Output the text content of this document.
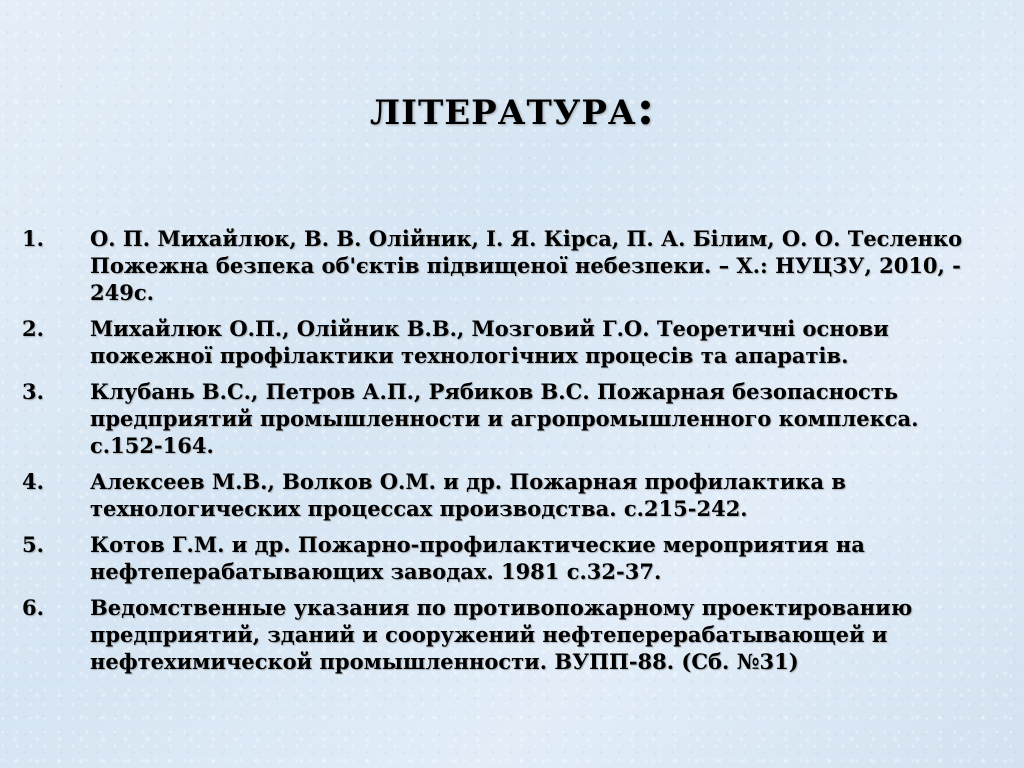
ЛІТЕРАТУРА:
1.	О. П. Михайлюк, В. В. Олійник, І. Я. Кірса, П. А. Білим, О. О. Тесленко Пожежна безпека об'єктів підвищеної небезпеки. – Х.: НУЦЗУ, 2010, - 249с.
2.	Михайлюк О.П., Олійник В.В., Мозговий Г.О. Теоретичні основи пожежної профілактики технологічних процесів та апаратів.
3.	Клубань В.С., Петров А.П., Рябиков В.С. Пожарная безопасность предприятий промышленности и агропромышленного комплекса. с.152-164.
4.	Алексеев М.В., Волков О.М. и др. Пожарная профилактика в технологических процессах производства. с.215-242.
5.	Котов Г.М. и др. Пожарно-профилактические мероприятия на нефтеперабатывающих заводах. 1981 с.32-37.
6.	Ведомственные указания по противопожарному проектированию предприятий, зданий и сооружений нефтеперерабатывающей и нефтехимической промышленности. ВУПП-88. (Сб. №31)
